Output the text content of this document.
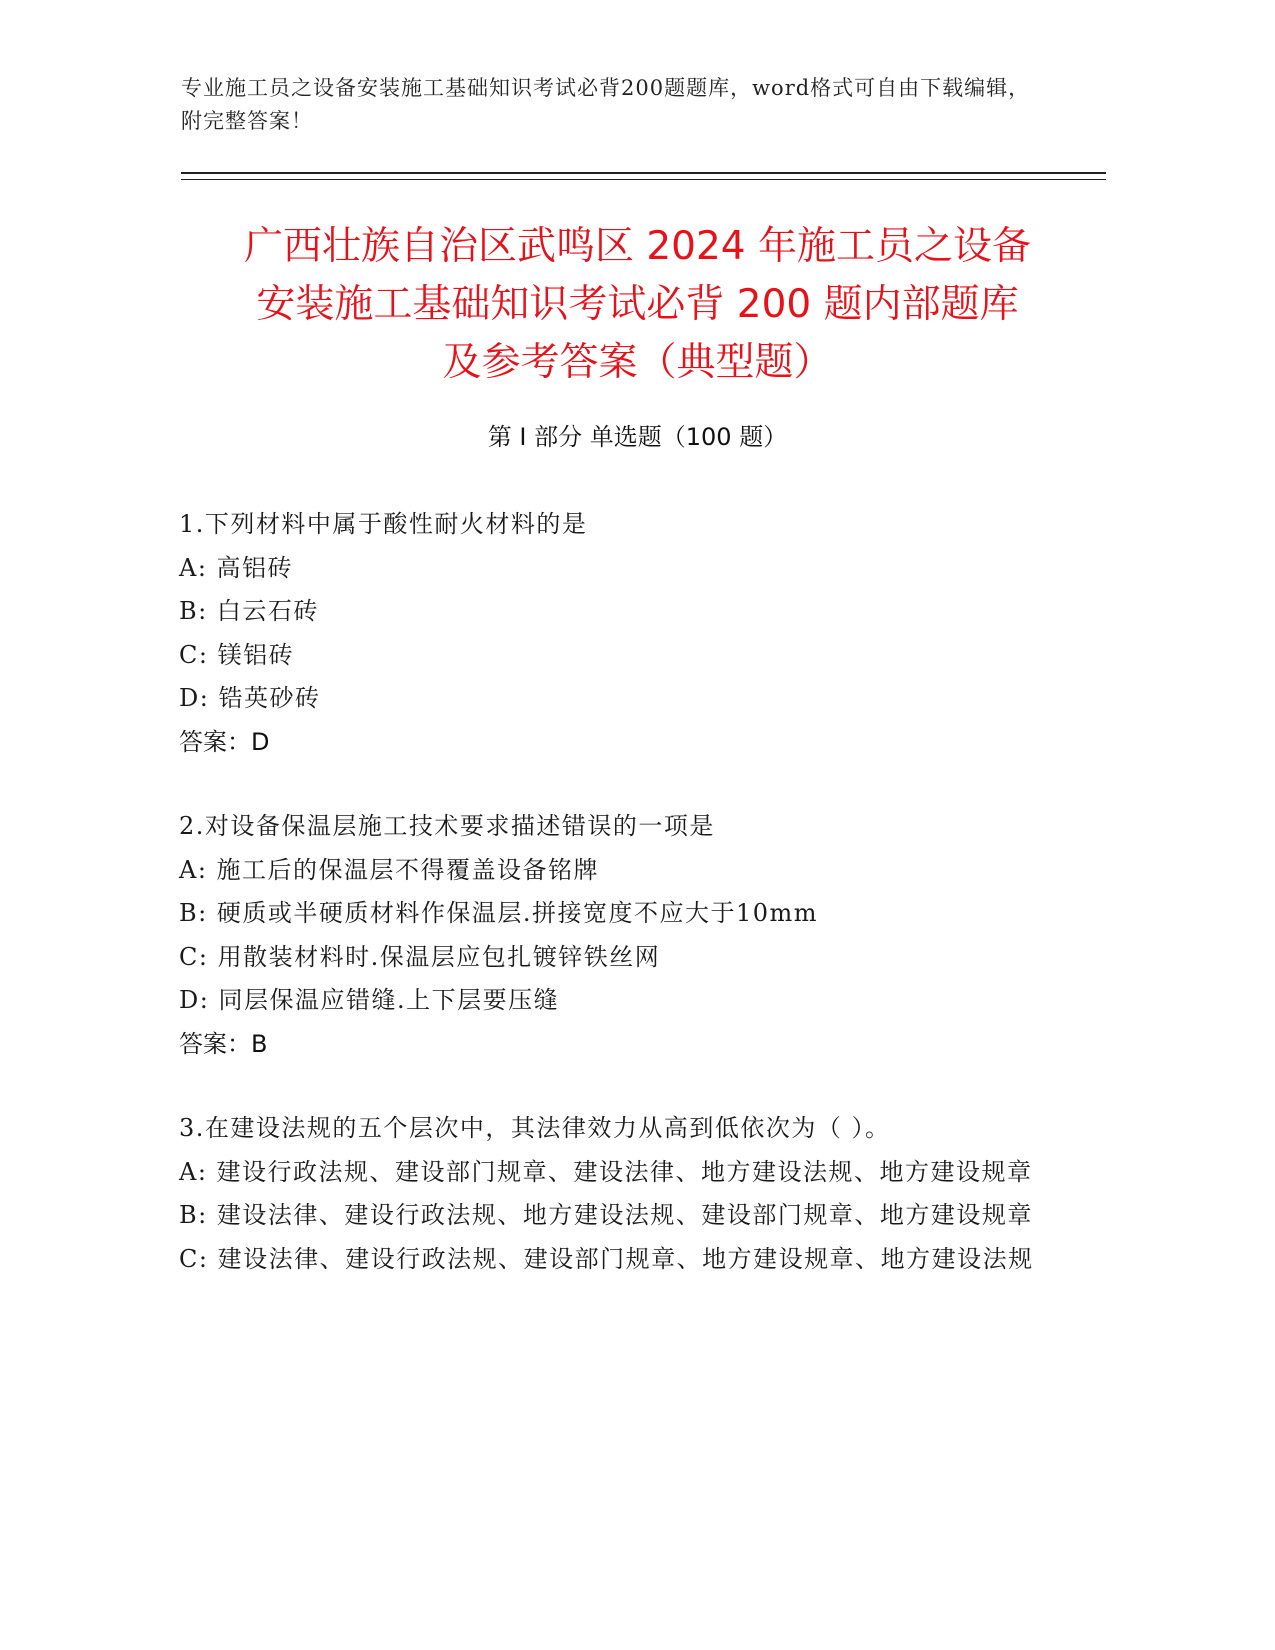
专业施工员之设备安装施工基础知识考试必背200题题库，word格式可自由下载编辑，附完整答案！
广西壮族自治区武鸣区 2024 年施工员之设备
安装施工基础知识考试必背 200 题内部题库
及参考答案（典型题）
第 I 部分 单选题（100 题）
1.下列材料中属于酸性耐火材料的是
A: 高铝砖
B: 白云石砖
C: 镁铝砖
D: 锆英砂砖
答案：D
2.对设备保温层施工技术要求描述错误的一项是
A: 施工后的保温层不得覆盖设备铭牌
B: 硬质或半硬质材料作保温层.拼接宽度不应大于10mm
C: 用散装材料时.保温层应包扎镀锌铁丝网
D: 同层保温应错缝.上下层要压缝
答案：B
3.在建设法规的五个层次中，其法律效力从高到低依次为（ ）。
A: 建设行政法规、建设部门规章、建设法律、地方建设法规、地方建设规章
B: 建设法律、建设行政法规、地方建设法规、建设部门规章、地方建设规章
C: 建设法律、建设行政法规、建设部门规章、地方建设规章、地方建设法规
